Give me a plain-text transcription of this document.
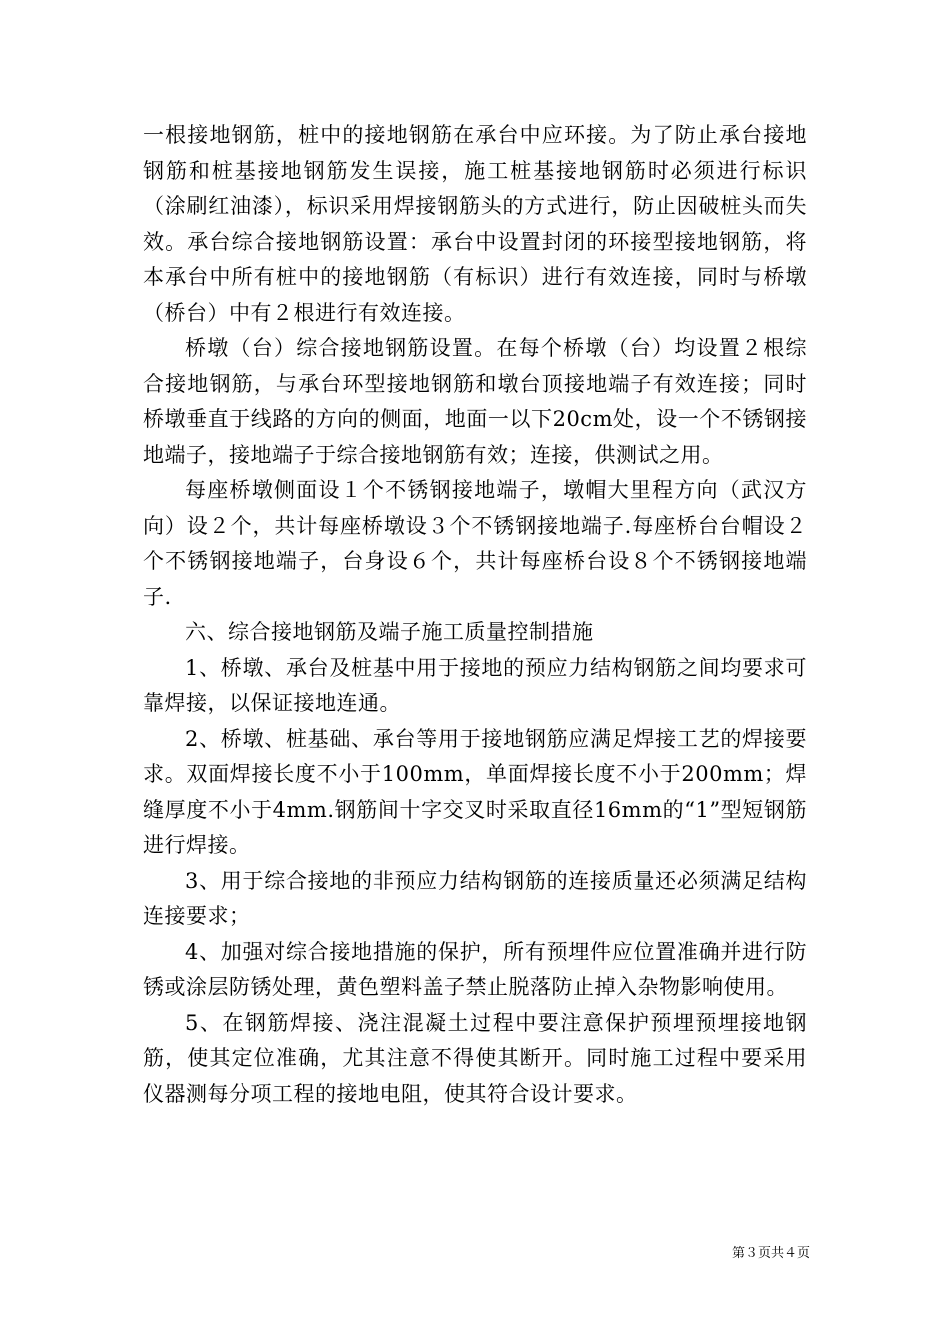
一根接地钢筋，桩中的接地钢筋在承台中应环接。为了防止承台接地钢筋和桩基接地钢筋发生误接，施工桩基接地钢筋时必须进行标识（涂刷红油漆），标识采用焊接钢筋头的方式进行，防止因破桩头而失效。承台综合接地钢筋设置：承台中设置封闭的环接型接地钢筋，将本承台中所有桩中的接地钢筋（有标识）进行有效连接，同时与桥墩（桥台）中有２根进行有效连接。

桥墩（台）综合接地钢筋设置。在每个桥墩（台）均设置２根综合接地钢筋，与承台环型接地钢筋和墩台顶接地端子有效连接；同时桥墩垂直于线路的方向的侧面，地面一以下20cm处，设一个不锈钢接地端子，接地端子于综合接地钢筋有效；连接，供测试之用。

每座桥墩侧面设１个不锈钢接地端子，墩帽大里程方向（武汉方向）设２个，共计每座桥墩设３个不锈钢接地端子.每座桥台台帽设２个不锈钢接地端子，台身设６个，共计每座桥台设８个不锈钢接地端子.

六、综合接地钢筋及端子施工质量控制措施

1、桥墩、承台及桩基中用于接地的预应力结构钢筋之间均要求可靠焊接，以保证接地连通。

2、桥墩、桩基础、承台等用于接地钢筋应满足焊接工艺的焊接要求。双面焊接长度不小于100mm，单面焊接长度不小于200mm；焊缝厚度不小于4mm.钢筋间十字交叉时采取直径16mm的“1”型短钢筋进行焊接。

3、用于综合接地的非预应力结构钢筋的连接质量还必须满足结构连接要求；

4、加强对综合接地措施的保护，所有预埋件应位置准确并进行防锈或涂层防锈处理，黄色塑料盖子禁止脱落防止掉入杂物影响使用。

5、在钢筋焊接、浇注混凝土过程中要注意保护预埋预埋接地钢筋，使其定位准确，尤其注意不得使其断开。同时施工过程中要采用仪器测每分项工程的接地电阻，使其符合设计要求。

第３页共４页
